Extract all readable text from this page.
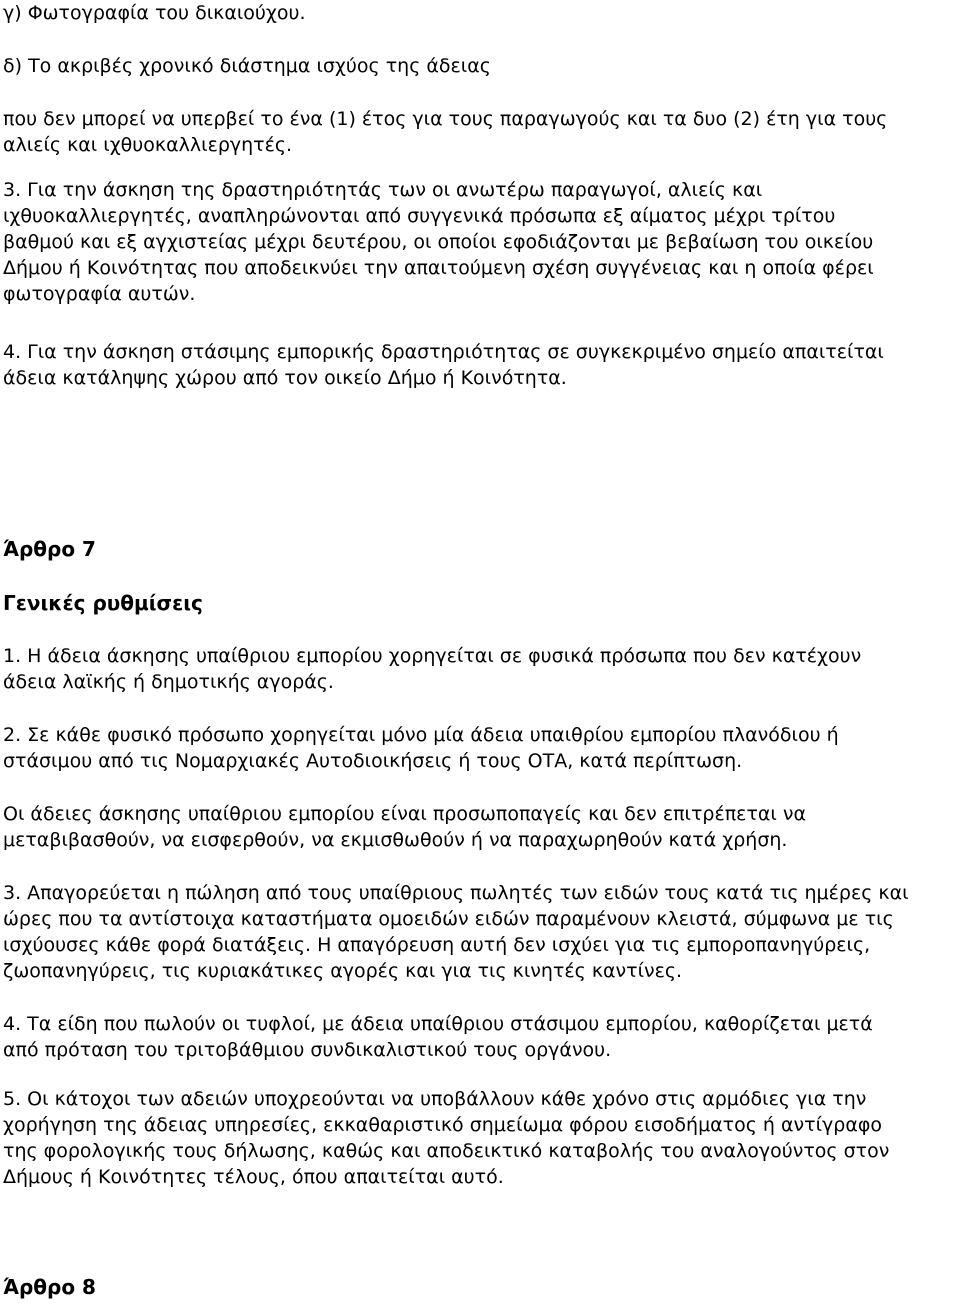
γ) Φωτογραφία του δικαιούχου.

δ) Το ακριβές χρονικό διάστημα ισχύος της άδειας

που δεν μπορεί να υπερβεί το ένα (1) έτος για τους παραγωγούς και τα δυο (2) έτη για τους
αλιείς και ιχθυοκαλλιεργητές.

3. Για την άσκηση της δραστηριότητάς των οι ανωτέρω παραγωγοί, αλιείς και
ιχθυοκαλλιεργητές, αναπληρώνονται από συγγενικά πρόσωπα εξ αίματος μέχρι τρίτου
βαθμού και εξ αγχιστείας μέχρι δευτέρου, οι οποίοι εφοδιάζονται με βεβαίωση του οικείου
Δήμου ή Κοινότητας που αποδεικνύει την απαιτούμενη σχέση συγγένειας και η οποία φέρει
φωτογραφία αυτών.

4. Για την άσκηση στάσιμης εμπορικής δραστηριότητας σε συγκεκριμένο σημείο απαιτείται
άδεια κατάληψης χώρου από τον οικείο Δήμο ή Κοινότητα.

Άρθρο 7
Γενικές ρυθμίσεις

1. Η άδεια άσκησης υπαίθριου εμπορίου χορηγείται σε φυσικά πρόσωπα που δεν κατέχουν
άδεια λαϊκής ή δημοτικής αγοράς.

2. Σε κάθε φυσικό πρόσωπο χορηγείται μόνο μία άδεια υπαιθρίου εμπορίου πλανόδιου ή
στάσιμου από τις Νομαρχιακές Αυτοδιοικήσεις ή τους ΟΤΑ, κατά περίπτωση.

Οι άδειες άσκησης υπαίθριου εμπορίου είναι προσωποπαγείς και δεν επιτρέπεται να
μεταβιβασθούν, να εισφερθούν, να εκμισθωθούν ή να παραχωρηθούν κατά χρήση.

3. Απαγορεύεται η πώληση από τους υπαίθριους πωλητές των ειδών τους κατά τις ημέρες και
ώρες που τα αντίστοιχα καταστήματα ομοειδών ειδών παραμένουν κλειστά, σύμφωνα με τις
ισχύουσες κάθε φορά διατάξεις. Η απαγόρευση αυτή δεν ισχύει για τις εμποροπανηγύρεις,
ζωοπανηγύρεις, τις κυριακάτικες αγορές και για τις κινητές καντίνες.

4. Τα είδη που πωλούν οι τυφλοί, με άδεια υπαίθριου στάσιμου εμπορίου, καθορίζεται μετά
από πρόταση του τριτοβάθμιου συνδικαλιστικού τους οργάνου.

5. Οι κάτοχοι των αδειών υποχρεούνται να υποβάλλουν κάθε χρόνο στις αρμόδιες για την
χορήγηση της άδειας υπηρεσίες, εκκαθαριστικό σημείωμα φόρου εισοδήματος ή αντίγραφο
της φορολογικής τους δήλωσης, καθώς και αποδεικτικό καταβολής του αναλογούντος στον
Δήμους ή Κοινότητες τέλους, όπου απαιτείται αυτό.

Άρθρο 8
